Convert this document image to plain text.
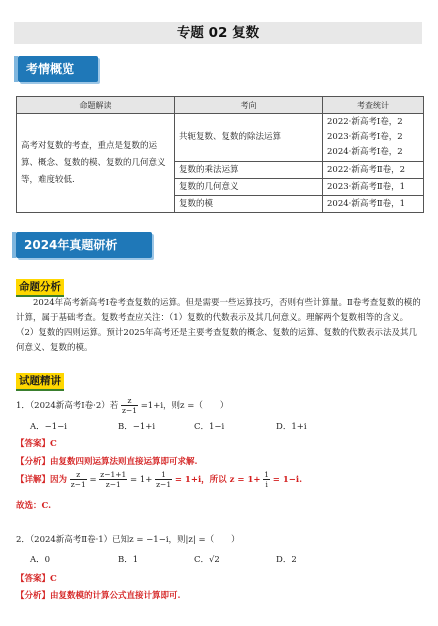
专题 02 复数
考情概览
命题解读	考向	考查统计
高考对复数的考查，重点是复数的运算、概念、复数的模、复数的几何意义等，难度较低.	共轭复数、复数的除法运算	2022·新高考Ⅰ卷，2
2023·新高考Ⅰ卷，2
2024·新高考Ⅰ卷，2

	复数的乘法运算	2022·新高考Ⅱ卷，2
	复数的几何意义	2023·新高考Ⅱ卷，1
	复数的模	2024·新高考Ⅱ卷，1
2024年真题研析
命题分析
2024年高考新高考Ⅰ卷考查复数的运算。但是需要一些运算技巧，否则有些计算量。Ⅱ卷考查复数的模的计算，属于基础考查。复数考查应关注：（1）复数的代数表示及其几何意义。理解两个复数相等的含义。（2）复数的四则运算。预计2025年高考还是主要考查复数的概念、复数的运算、复数的代数表示法及其几何意义、复数的模。
试题精讲
1．（2024新高考Ⅰ卷·2）若 $\frac{z}{z-1} =1+i$，则z =（　　）
A．−1−i	B．−1+i	C．1−i	D．1+i
【答案】C
【分析】由复数四则运算法则直接运算即可求解.
【详解】因为 $\frac{z}{z-1} = \frac{z-1+1}{z-1} = 1+ \frac{1}{z-1} = 1+i$，所以 $z = 1+ \frac{1}{i} = 1-i$.
故选：C.
2．（2024新高考Ⅱ卷·1）已知z = −1−i，则|z| =（　　）
A．0	B．1	C．√2	D．2
【答案】C
【分析】由复数模的计算公式直接计算即可.
